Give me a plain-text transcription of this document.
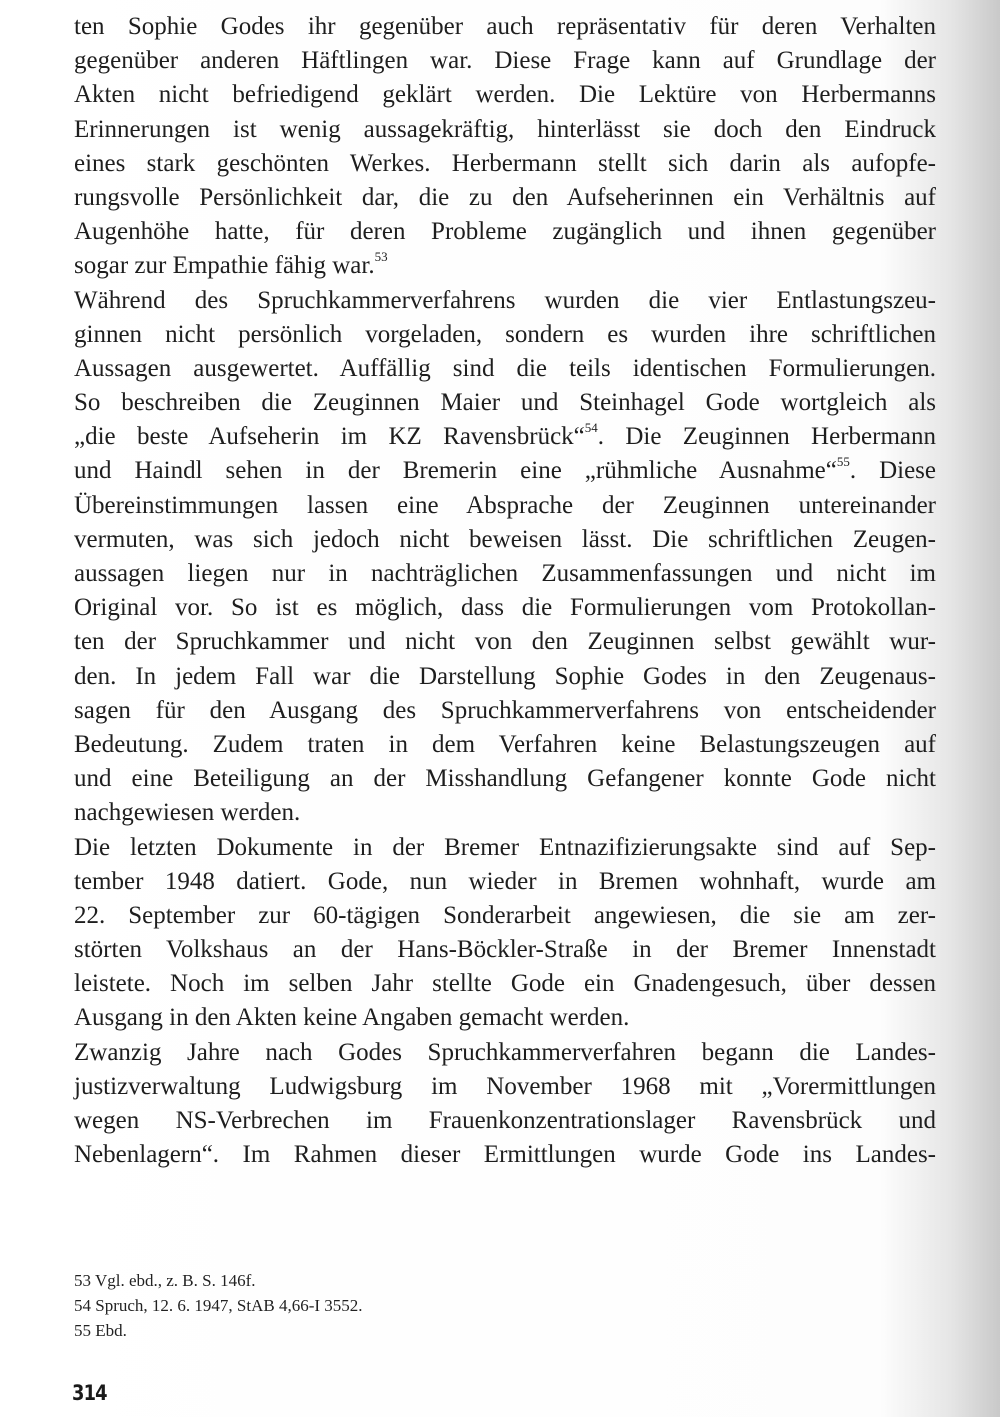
ten Sophie Godes ihr gegenüber auch repräsentativ für deren Verhalten
gegenüber anderen Häftlingen war. Diese Frage kann auf Grundlage der
Akten nicht befriedigend geklärt werden. Die Lektüre von Herbermanns
Erinnerungen ist wenig aussagekräftig, hinterlässt sie doch den Eindruck
eines stark geschönten Werkes. Herbermann stellt sich darin als aufopfe-
rungsvolle Persönlichkeit dar, die zu den Aufseherinnen ein Verhältnis auf
Augenhöhe hatte, für deren Probleme zugänglich und ihnen gegenüber
sogar zur Empathie fähig war.$^{53}$
Während des Spruchkammerverfahrens wurden die vier Entlastungszeu-
ginnen nicht persönlich vorgeladen, sondern es wurden ihre schriftlichen
Aussagen ausgewertet. Auffällig sind die teils identischen Formulierungen.
So beschreiben die Zeuginnen Maier und Steinhagel Gode wortgleich als
„die beste Aufseherin im KZ Ravensbrück“$^{54}$. Die Zeuginnen Herbermann
und Haindl sehen in der Bremerin eine „rühmliche Ausnahme“$^{55}$. Diese
Übereinstimmungen lassen eine Absprache der Zeuginnen untereinander
vermuten, was sich jedoch nicht beweisen lässt. Die schriftlichen Zeugen-
aussagen liegen nur in nachträglichen Zusammenfassungen und nicht im
Original vor. So ist es möglich, dass die Formulierungen vom Protokollan-
ten der Spruchkammer und nicht von den Zeuginnen selbst gewählt wur-
den. In jedem Fall war die Darstellung Sophie Godes in den Zeugenaus-
sagen für den Ausgang des Spruchkammerverfahrens von entscheidender
Bedeutung. Zudem traten in dem Verfahren keine Belastungszeugen auf
und eine Beteiligung an der Misshandlung Gefangener konnte Gode nicht
nachgewiesen werden.
Die letzten Dokumente in der Bremer Entnazifizierungsakte sind auf Sep-
tember 1948 datiert. Gode, nun wieder in Bremen wohnhaft, wurde am
22. September zur 60-tägigen Sonderarbeit angewiesen, die sie am zer-
störten Volkshaus an der Hans-Böckler-Straße in der Bremer Innenstadt
leistete. Noch im selben Jahr stellte Gode ein Gnadengesuch, über dessen
Ausgang in den Akten keine Angaben gemacht werden.
Zwanzig Jahre nach Godes Spruchkammerverfahren begann die Landes-
justizverwaltung Ludwigsburg im November 1968 mit „Vorermittlungen
wegen NS-Verbrechen im Frauenkonzentrationslager Ravensbrück und
Nebenlagern“. Im Rahmen dieser Ermittlungen wurde Gode ins Landes-
53 Vgl. ebd., z. B. S. 146f.
54 Spruch, 12. 6. 1947, StAB 4,66-I 3552.
55 Ebd.
314
